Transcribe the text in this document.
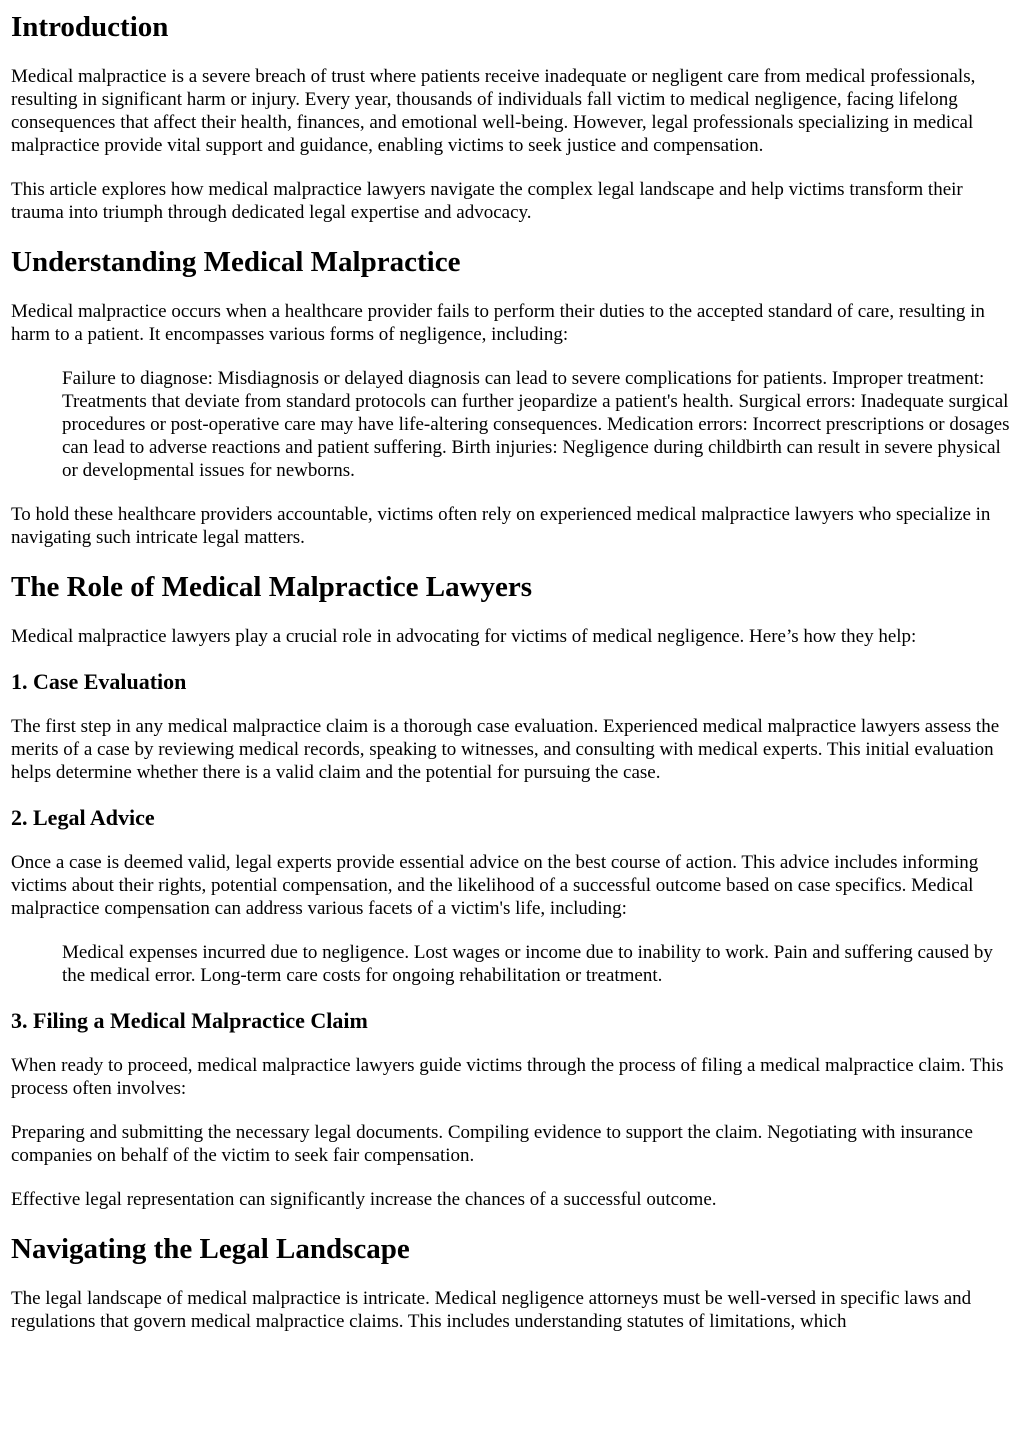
Introduction

Medical malpractice is a severe breach of trust where patients receive inadequate or negligent care from medical professionals, resulting in significant harm or injury. Every year, thousands of individuals fall victim to medical negligence, facing lifelong consequences that affect their health, finances, and emotional well-being. However, legal professionals specializing in medical malpractice provide vital support and guidance, enabling victims to seek justice and compensation.

This article explores how medical malpractice lawyers navigate the complex legal landscape and help victims transform their trauma into triumph through dedicated legal expertise and advocacy.

Understanding Medical Malpractice

Medical malpractice occurs when a healthcare provider fails to perform their duties to the accepted standard of care, resulting in harm to a patient. It encompasses various forms of negligence, including:

Failure to diagnose: Misdiagnosis or delayed diagnosis can lead to severe complications for patients. Improper treatment: Treatments that deviate from standard protocols can further jeopardize a patient's health. Surgical errors: Inadequate surgical procedures or post-operative care may have life-altering consequences. Medication errors: Incorrect prescriptions or dosages can lead to adverse reactions and patient suffering. Birth injuries: Negligence during childbirth can result in severe physical or developmental issues for newborns.

To hold these healthcare providers accountable, victims often rely on experienced medical malpractice lawyers who specialize in navigating such intricate legal matters.

The Role of Medical Malpractice Lawyers

Medical malpractice lawyers play a crucial role in advocating for victims of medical negligence. Here’s how they help:

1. Case Evaluation

The first step in any medical malpractice claim is a thorough case evaluation. Experienced medical malpractice lawyers assess the merits of a case by reviewing medical records, speaking to witnesses, and consulting with medical experts. This initial evaluation helps determine whether there is a valid claim and the potential for pursuing the case.

2. Legal Advice

Once a case is deemed valid, legal experts provide essential advice on the best course of action. This advice includes informing victims about their rights, potential compensation, and the likelihood of a successful outcome based on case specifics. Medical malpractice compensation can address various facets of a victim's life, including:

Medical expenses incurred due to negligence. Lost wages or income due to inability to work. Pain and suffering caused by the medical error. Long-term care costs for ongoing rehabilitation or treatment.
3. Filing a Medical Malpractice Claim

When ready to proceed, medical malpractice lawyers guide victims through the process of filing a medical malpractice claim. This process often involves:

Preparing and submitting the necessary legal documents. Compiling evidence to support the claim. Negotiating with insurance companies on behalf of the victim to seek fair compensation.

Effective legal representation can significantly increase the chances of a successful outcome.

Navigating the Legal Landscape

The legal landscape of medical malpractice is intricate. Medical negligence attorneys must be well-versed in specific laws and regulations that govern medical malpractice claims. This includes understanding statutes of limitations, which
